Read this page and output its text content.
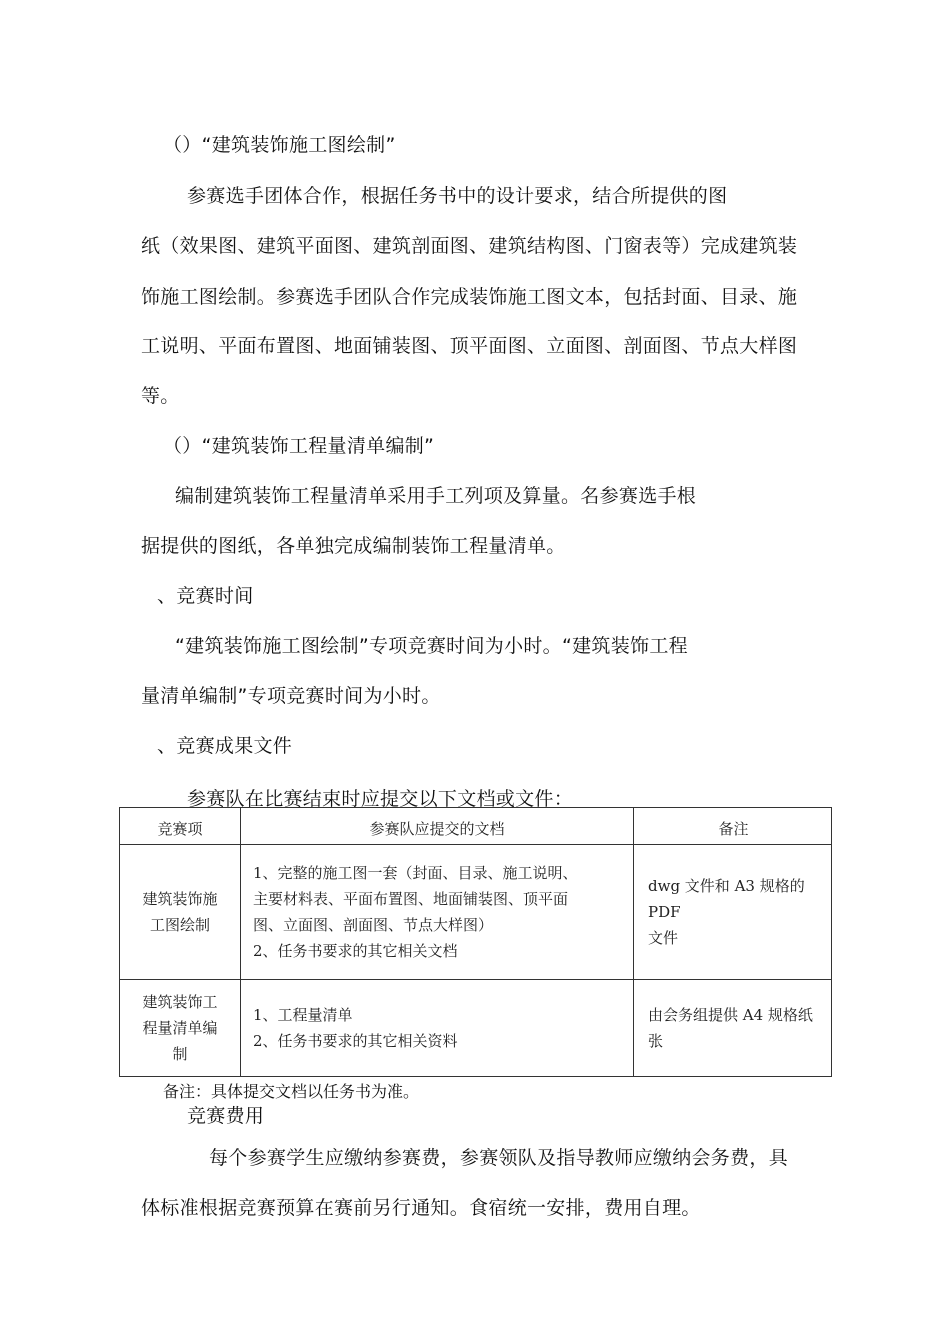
（）“建筑装饰施工图绘制”
参赛选手团体合作，根据任务书中的设计要求，结合所提供的图
纸（效果图、建筑平面图、建筑剖面图、建筑结构图、门窗表等）完成建筑装
饰施工图绘制。参赛选手团队合作完成装饰施工图文本，包括封面、目录、施
工说明、平面布置图、地面铺装图、顶平面图、立面图、剖面图、节点大样图
等。
（）“建筑装饰工程量清单编制”
编制建筑装饰工程量清单采用手工列项及算量。名参赛选手根
据提供的图纸，各单独完成编制装饰工程量清单。
、竞赛时间
“建筑装饰施工图绘制”专项竞赛时间为小时。“建筑装饰工程
量清单编制”专项竞赛时间为小时。
、竞赛成果文件
参赛队在比赛结束时应提交以下文档或文件：
竞赛项	参赛队应提交的文档	备注

建筑装饰施
工图绘制	1、完整的施工图一套（封面、目录、施工说明、
主要材料表、平面布置图、地面铺装图、顶平面
图、立面图、剖面图、节点大样图）
2、任务书要求的其它相关文档	dwg 文件和 A3 规格的 PDF
文件

建筑装饰工
程量清单编
制	1、工程量清单
2、任务书要求的其它相关资料	由会务组提供 A4 规格纸
张
备注：具体提交文档以任务书为准。
竞赛费用
每个参赛学生应缴纳参赛费，参赛领队及指导教师应缴纳会务费，具
体标准根据竞赛预算在赛前另行通知。食宿统一安排，费用自理。
